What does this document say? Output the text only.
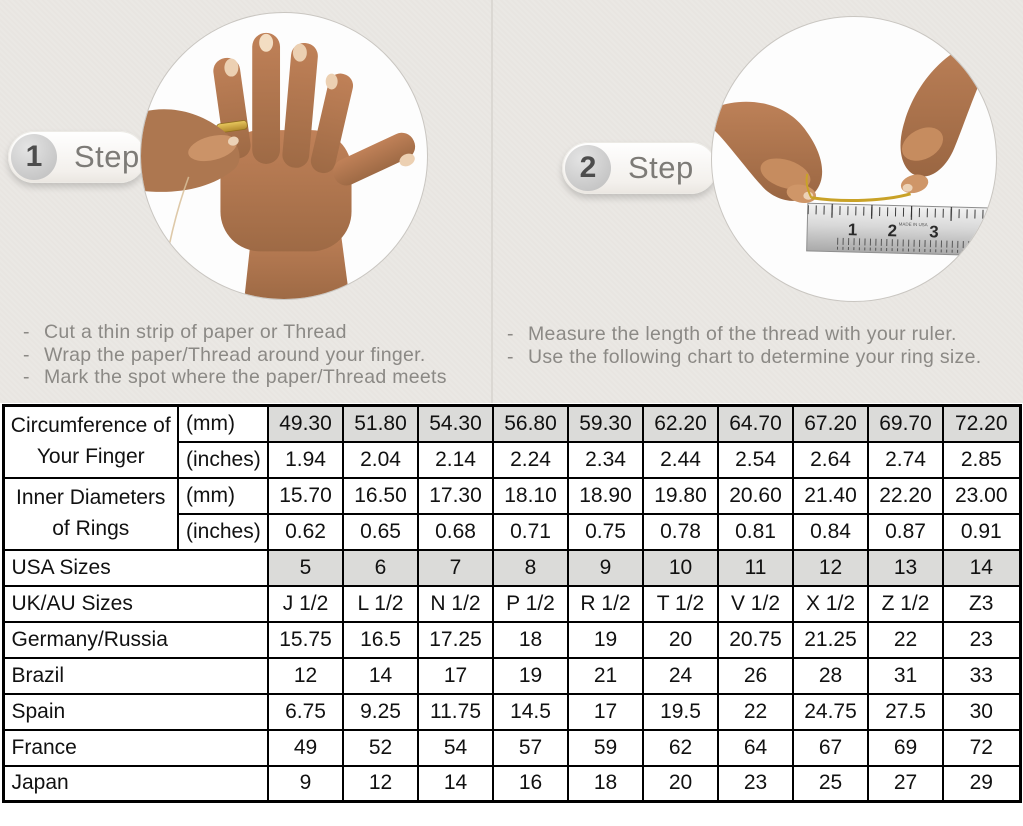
1	Step
- Cut a thin strip of paper or Thread
- Wrap the paper/Thread around your finger.
- Mark the spot where the paper/Thread meets
1 2 3
MADE IN USA
2	Step
- Measure the length of the thread with your ruler.
- Use the following chart to determine your ring size.
Circumference of Your Finger	(mm)	49.30	51.80	54.30	56.80	59.30	62.20	64.70	67.20	69.70	72.20
	(inches)	1.94	2.04	2.14	2.24	2.34	2.44	2.54	2.64	2.74	2.85
Inner Diameters of Rings	(mm)	15.70	16.50	17.30	18.10	18.90	19.80	20.60	21.40	22.20	23.00
	(inches)	0.62	0.65	0.68	0.71	0.75	0.78	0.81	0.84	0.87	0.91
USA Sizes		5	6	7	8	9	10	11	12	13	14
UK/AU Sizes		J 1/2	L 1/2	N 1/2	P 1/2	R 1/2	T 1/2	V 1/2	X 1/2	Z 1/2	Z3
Germany/Russia		15.75	16.5	17.25	18	19	20	20.75	21.25	22	23
Brazil		12	14	17	19	21	24	26	28	31	33
Spain		6.75	9.25	11.75	14.5	17	19.5	22	24.75	27.5	30
France		49	52	54	57	59	62	64	67	69	72
Japan		9	12	14	16	18	20	23	25	27	29
